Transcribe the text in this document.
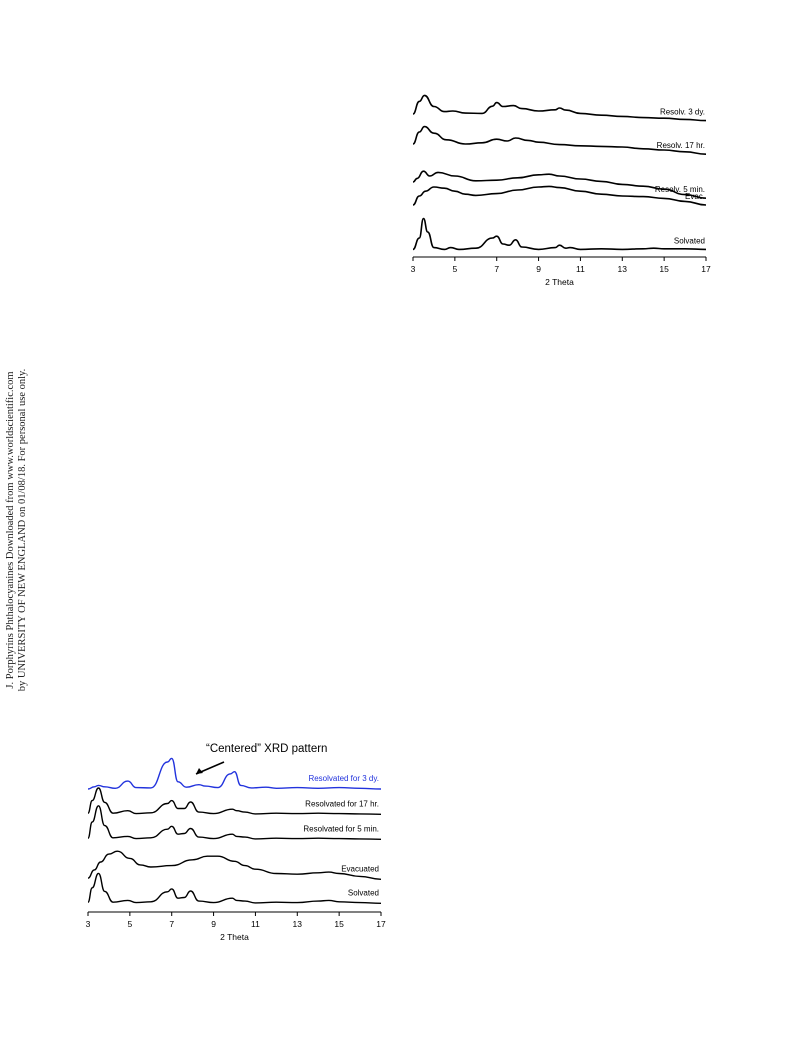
J. Porphyrins Phthalocyanines Downloaded from www.worldscientific.com by UNIVERSITY OF NEW ENGLAND on 01/08/18. For personal use only.
3	5	7	9	11	13	15	17
2 Theta
Resolv. 3 dy.
Resolv. 17 hr.
Resolv. 5 min.
Evac.
Solvated
3	5	7	9	11	13	15	17
2 Theta
Resolvated for 3 dy.
Resolvated for 17 hr.
Resolvated for 5 min.
Evacuated
Solvated
“Centered” XRD pattern
